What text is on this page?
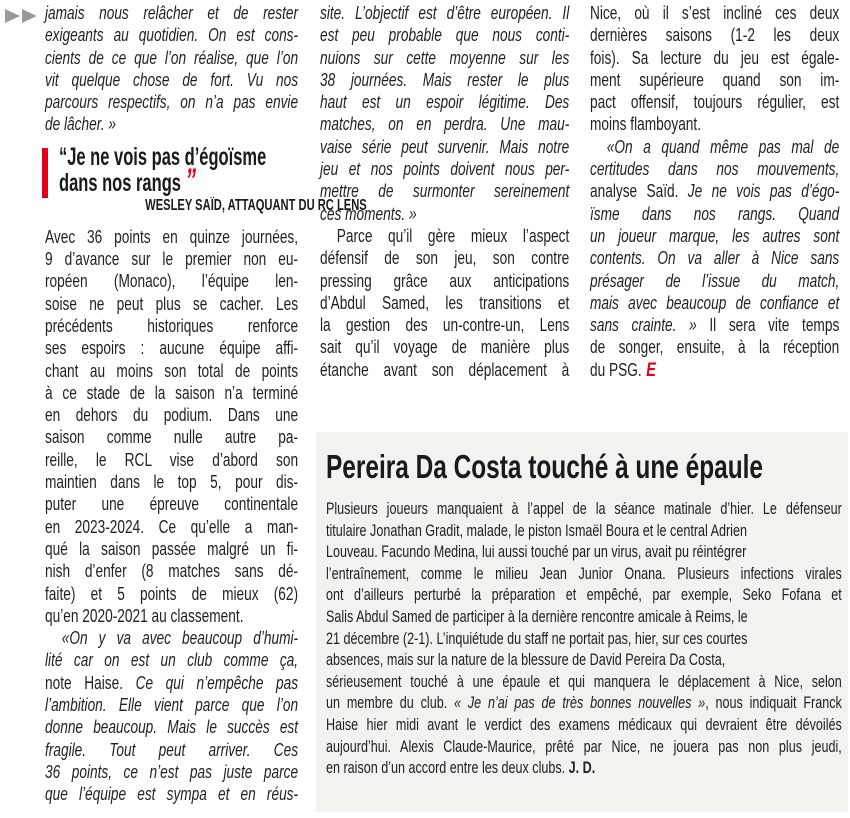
jamais nous relâcher et de rester
exigeants au quotidien. On est cons-
cients de ce que l’on réalise, que l’on
vit quelque chose de fort. Vu nos
parcours respectifs, on n’a pas envie
de lâcher. »
“Je ne vois pas d’égoïsme dans nos rangs ”
WESLEY SAÏD, ATTAQUANT DU RC LENS
Avec 36 points en quinze journées,
9 d’avance sur le premier non eu-
ropéen (Monaco), l’équipe len-
soise ne peut plus se cacher. Les
précédents historiques renforce
ses espoirs : aucune équipe affi-
chant au moins son total de points
à ce stade de la saison n’a terminé
en dehors du podium. Dans une
saison comme nulle autre pa-
reille, le RCL vise d’abord son
maintien dans le top 5, pour dis-
puter une épreuve continentale
en 2023-2024. Ce qu’elle a man-
qué la saison passée malgré un fi-
nish d’enfer (8 matches sans dé-
faite) et 5 points de mieux (62)
qu’en 2020-2021 au classement.
«On y va avec beaucoup d’humi-
lité car on est un club comme ça,
note Haise. Ce qui n’empêche pas
l’ambition. Elle vient parce que l’on
donne beaucoup. Mais le succès est
fragile. Tout peut arriver. Ces
36 points, ce n’est pas juste parce
que l’équipe est sympa et en réus-
site. L’objectif est d’être européen. Il
est peu probable que nous conti-
nuions sur cette moyenne sur les
38 journées. Mais rester le plus
haut est un espoir légitime. Des
matches, on en perdra. Une mau-
vaise série peut survenir. Mais notre
jeu et nos points doivent nous per-
mettre de surmonter sereinement
ces moments. »
Parce qu’il gère mieux l’aspect
défensif de son jeu, son contre
pressing grâce aux anticipations
d’Abdul Samed, les transitions et
la gestion des un-contre-un, Lens
sait qu’il voyage de manière plus
étanche avant son déplacement à
Nice, où il s’est incliné ces deux
dernières saisons (1-2 les deux
fois). Sa lecture du jeu est égale-
ment supérieure quand son im-
pact offensif, toujours régulier, est
moins flamboyant.
«On a quand même pas mal de
certitudes dans nos mouvements,
analyse Saïd. Je ne vois pas d’égo-
ïsme dans nos rangs. Quand
un joueur marque, les autres sont
contents. On va aller à Nice sans
présager de l’issue du match,
mais avec beaucoup de confiance et
sans crainte. » Il sera vite temps
de songer, ensuite, à la réception
du PSG. E
Pereira Da Costa touché à une épaule
Plusieurs joueurs manquaient à l’appel de la séance matinale d’hier. Le défenseur
titulaire Jonathan Gradit, malade, le piston Ismaël Boura et le central Adrien
Louveau. Facundo Medina, lui aussi touché par un virus, avait pu réintégrer
l’entraînement, comme le milieu Jean Junior Onana. Plusieurs infections virales
ont d’ailleurs perturbé la préparation et empêché, par exemple, Seko Fofana et
Salis Abdul Samed de participer à la dernière rencontre amicale à Reims, le
21 décembre (2-1). L’inquiétude du staff ne portait pas, hier, sur ces courtes
absences, mais sur la nature de la blessure de David Pereira Da Costa,
sérieusement touché à une épaule et qui manquera le déplacement à Nice, selon
un membre du club. « Je n’ai pas de très bonnes nouvelles », nous indiquait Franck
Haise hier midi avant le verdict des examens médicaux qui devraient être dévoilés
aujourd’hui. Alexis Claude-Maurice, prêté par Nice, ne jouera pas non plus jeudi,
en raison d’un accord entre les deux clubs. J. D.
